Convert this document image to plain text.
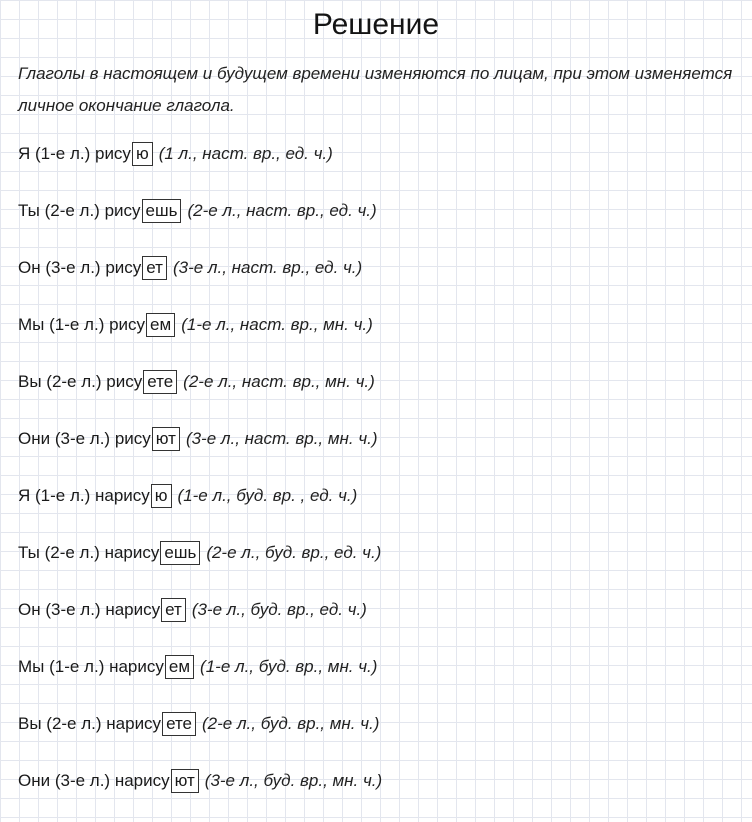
Решение
Глаголы в настоящем и будущем времени изменяются по лицам, при этом изменяется личное окончание глагола.
Я (1-е л.) рису ю (1 л., наст. вр., ед. ч.)
Ты (2-е л.) рису ешь (2-е л., наст. вр., ед. ч.)
Он (3-е л.) рису ет (3-е л., наст. вр., ед. ч.)
Мы (1-е л.) рису ем (1-е л., наст. вр., мн. ч.)
Вы (2-е л.) рису ете (2-е л., наст. вр., мн. ч.)
Они (3-е л.) рису ют (3-е л., наст. вр., мн. ч.)
Я (1-е л.) нарису ю (1-е л., буд. вр. , ед. ч.)
Ты (2-е л.) нарису ешь (2-е л., буд. вр., ед. ч.)
Он (3-е л.) нарису ет (3-е л., буд. вр., ед. ч.)
Мы (1-е л.) нарису ем (1-е л., буд. вр., мн. ч.)
Вы (2-е л.) нарису ете (2-е л., буд. вр., мн. ч.)
Они (3-е л.) нарису ют (3-е л., буд. вр., мн. ч.)
